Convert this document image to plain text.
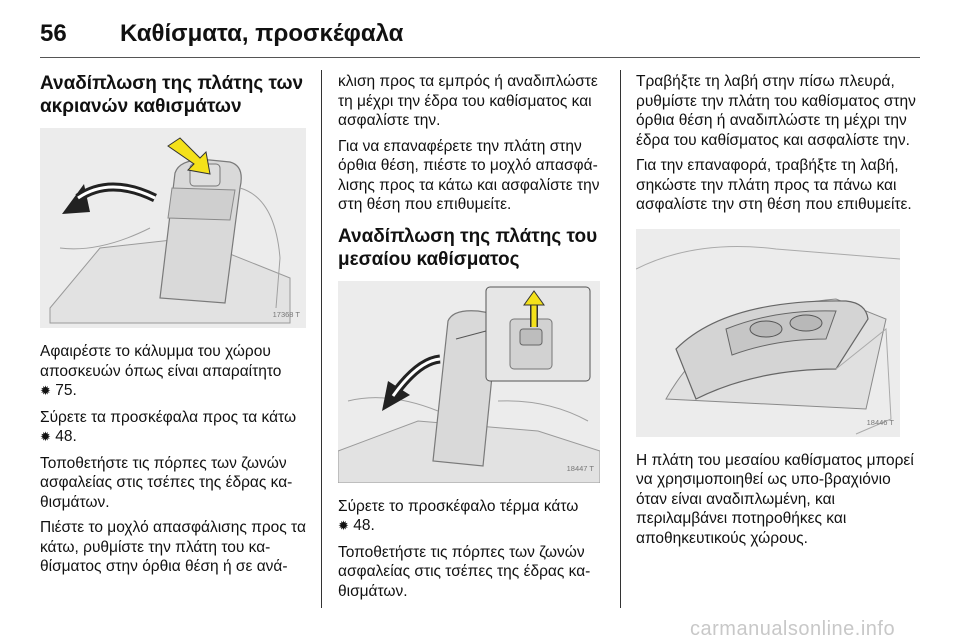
56 Καθίσματα, προσκέφαλα
Αναδίπλωση της πλάτης των ακριανών καθισμάτων
17368 T

Αφαιρέστε το κάλυμμα του χώρου αποσκευών όπως είναι απαραίτητο
✹ 75.

Σύρετε τα προσκέφαλα προς τα κάτω
✹ 48.

Τοποθετήστε τις πόρπες των ζωνών ασφαλείας στις τσέπες της έδρας κα-θισμάτων.

Πιέστε το μοχλό απασφάλισης προς τα κάτω, ρυθμίστε την πλάτη του κα-θίσματος στην όρθια θέση ή σε ανά-

κλιση προς τα εμπρός ή αναδιπλώστε τη μέχρι την έδρα του καθίσματος και ασφαλίστε την.

Για να επαναφέρετε την πλάτη στην όρθια θέση, πιέστε το μοχλό απασφά-λισης προς τα κάτω και ασφαλίστε την στη θέση που επιθυμείτε.

Αναδίπλωση της πλάτης του μεσαίου καθίσματος
18447 T

Σύρετε το προσκέφαλο τέρμα κάτω
✹ 48.

Τοποθετήστε τις πόρπες των ζωνών ασφαλείας στις τσέπες της έδρας κα-θισμάτων.

Τραβήξτε τη λαβή στην πίσω πλευρά, ρυθμίστε την πλάτη του καθίσματος στην όρθια θέση ή αναδιπλώστε τη μέχρι την έδρα του καθίσματος και ασφαλίστε την.

Για την επαναφορά, τραβήξτε τη λαβή, σηκώστε την πλάτη προς τα πάνω και ασφαλίστε την στη θέση που επιθυμείτε.

18446 T

Η πλάτη του μεσαίου καθίσματος μπορεί να χρησιμοποιηθεί ως υπο-βραχιόνιο όταν είναι αναδιπλωμένη, και περιλαμβάνει ποτηροθήκες και αποθηκευτικούς χώρους.

carmanualsonline.info
